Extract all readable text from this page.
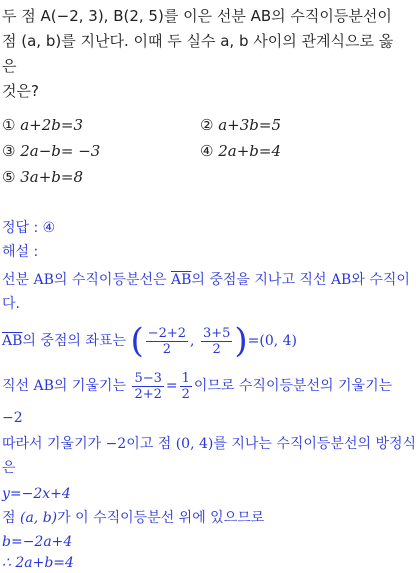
두 점 A(−2, 3), B(2, 5)를 이은 선분 AB의 수직이등분선이
점 (a, b)를 지난다. 이때 두 실수 a, b 사이의 관계식으로 옳은
것은?
① a+2b=3	② a+3b=5
③ 2a−b= −3	④ 2a+b=4
⑤ 3a+b=8
정답 : ④
해설 :
선분 AB의 수직이등분선은 $\overline{AB}$의 중점을 지나고 직선 AB와 수직이
다.
$\overline{AB}$의 중점의 좌표는 ( $\frac{-2+2}{2}$ , $\frac{3+5}{2} )=(0$, 4)
직선 AB의 기울기는 $\frac{5-3}{2+2} = \frac{1}{2}$ 이므로 수직이등분선의 기울기는
−2
따라서 기울기가 −2이고 점 (0, 4)를 지나는 수직이등분선의 방정식
은
y=−2x+4
점 (a, b)가 이 수직이등분선 위에 있으므로
b=−2a+4
∴ 2a+b=4
